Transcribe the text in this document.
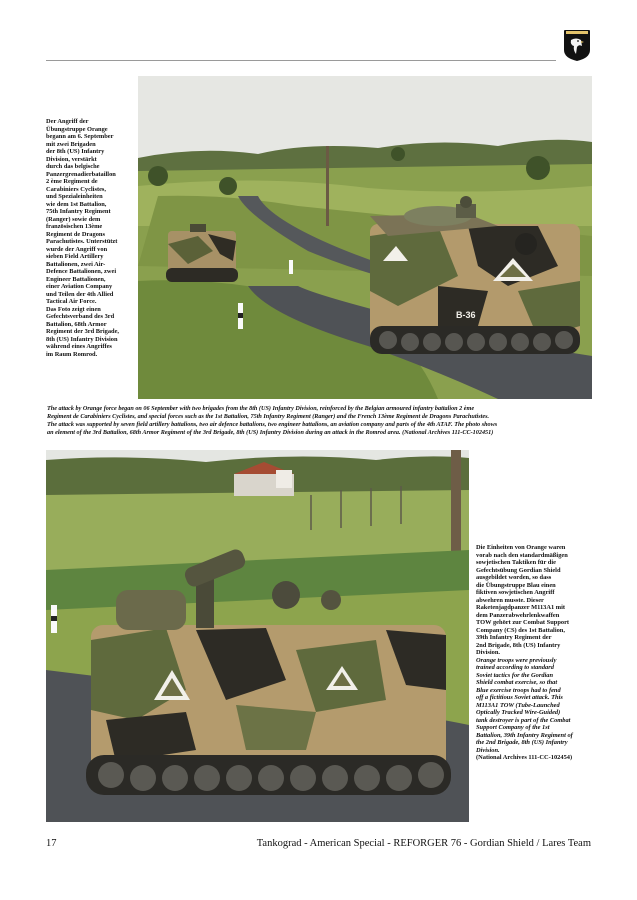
Der Angriff der
Übungstruppe Orange
begann am 6. September
mit zwei Brigaden
der 8th (US) Infantry
Division, verstärkt
durch das belgische
Panzergrenadierbataillon
2 ème Regiment de
Carabiniers Cyclistes,
und Spezialeinheiten
wie dem 1st Battalion,
75th Infantry Regiment
(Ranger) sowie dem
französischen 13ème
Regiment de Dragons
Parachutistes. Unterstützt
wurde der Angriff von
sieben Field Artillery
Battalionen, zwei Air-
Defence Battalionen, zwei
Engineer Battalionen,
einer Aviation Company
und Teilen der 4th Allied
Tactical Air Force.
Das Foto zeigt einen
Gefechtsverband des 3rd
Battalion, 68th Armor
Regiment der 3rd Brigade,
8th (US) Infantry Division
während eines Angriffes
im Raum Romrod.
B-36
The attack by Orange force began on 06 September with two brigades from the 8th (US) Infantry Division, reinforced by the Belgian armoured infantry battalion 2 ème
Regiment de Carabiniers Cyclistes, and special forces such as the 1st Battalion, 75th Infantry Regiment (Ranger) and the French 13ème Regiment de Dragons Parachutistes.
The attack was supported by seven field artillery battalions, two air defence battalions, two engineer battalions, an aviation company and parts of the 4th ATAF. The photo shows
an element of the 3rd Battalion, 68th Armor Regiment of the 3rd Brigade, 8th (US) Infantry Division during an attack in the Romrod area. (National Archives 111-CC-102451)
Die Einheiten von Orange waren
vorab nach den standardmäßigen
sowjetischen Taktiken für die
Gefechtsübung Gordian Shield
ausgebildet worden, so dass
die Übungstruppe Blau einen
fiktiven sowjetischen Angriff
abwehren musste. Dieser
Raketenjagdpanzer M113A1 mit
dem Panzerabwehrlenkwaffen
TOW gehört zur Combat Support
Company (CS) des 1st Battalion,
39th Infantry Regiment der
2nd Brigade, 8th (US) Infantry
Division.
Orange troops were previously
trained according to standard
Soviet tactics for the Gordian
Shield combat exercise, so that
Blue exercise troops had to fend
off a fictitious Soviet attack. This
M113A1 TOW (Tube-Launched
Optically Tracked Wire-Guided)
tank destroyer is part of the Combat
Support Company of the 1st
Battalion, 39th Infantry Regiment of
the 2nd Brigade, 8th (US) Infantry
Division.
(National Archives 111-CC-102454)
17	Tankograd - American Special - REFORGER 76 - Gordian Shield / Lares Team
